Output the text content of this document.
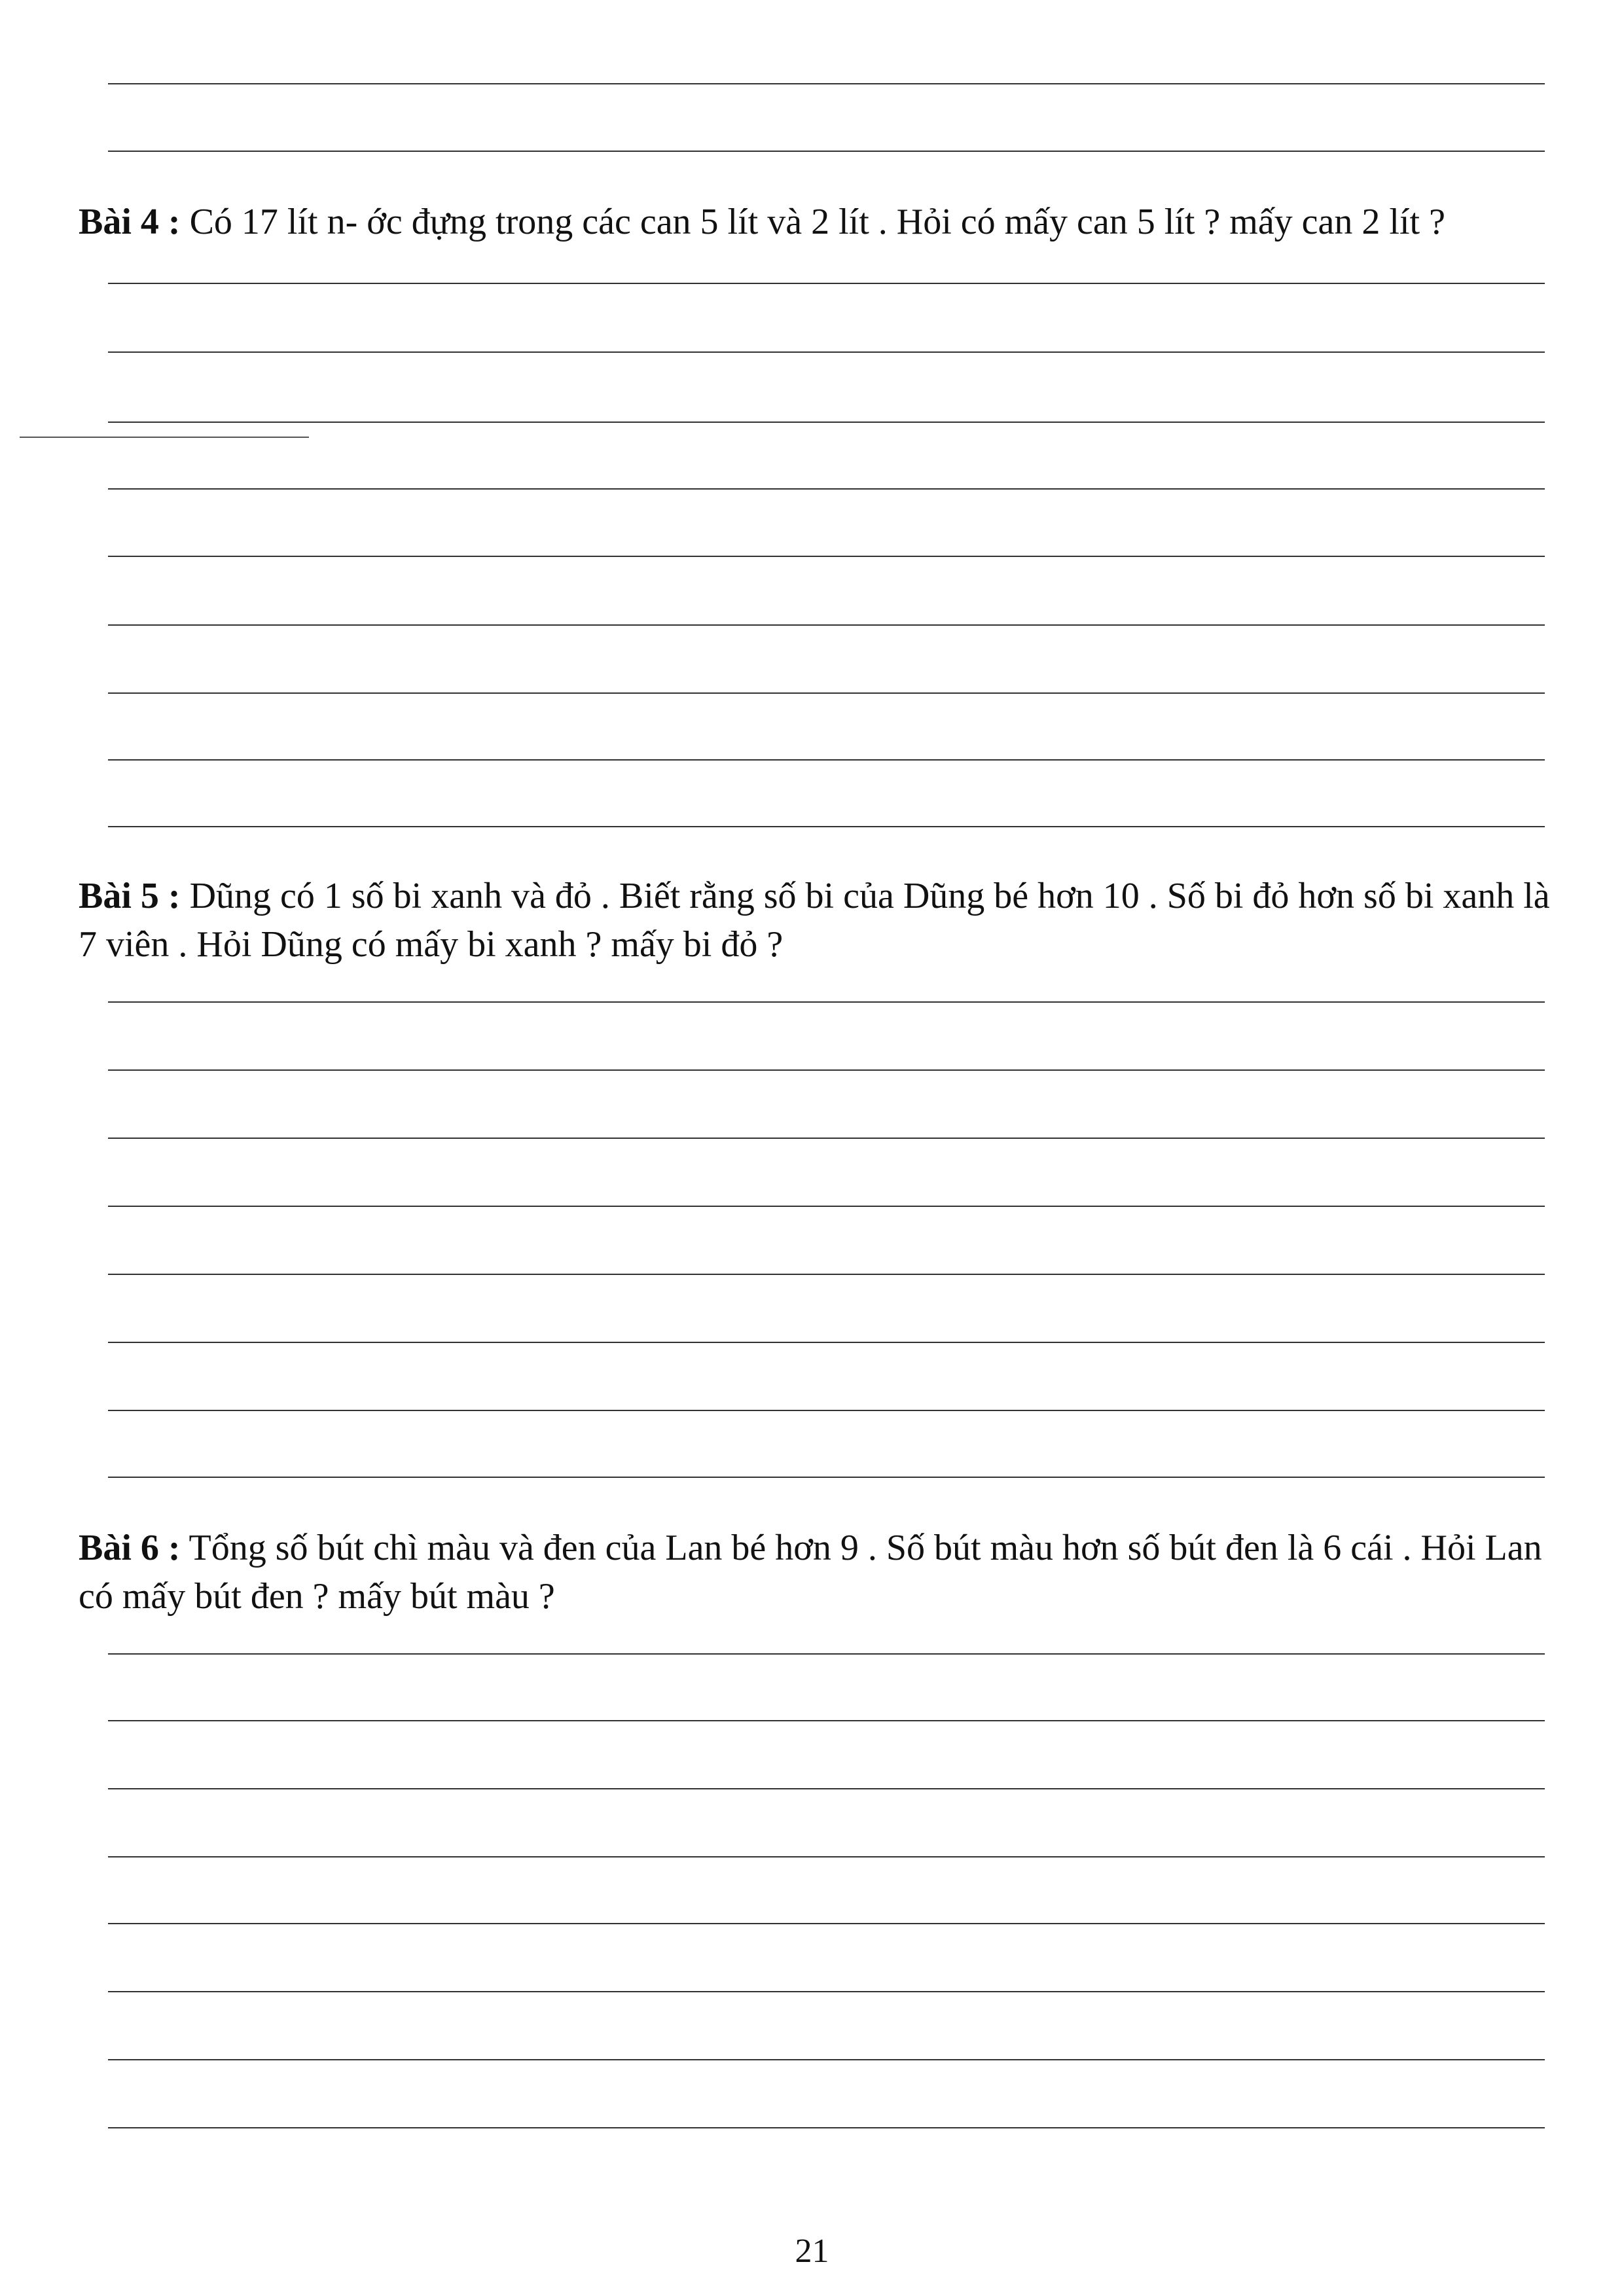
Bài 4 : Có 17 lít n- ớc đựng trong các can 5 lít và 2 lít . Hỏi có mấy can 5 lít ? mấy can 2 lít ?

Bài 5 : Dũng có 1 số bi xanh và đỏ . Biết rằng số bi của Dũng bé hơn 10 . Số bi đỏ hơn số bi xanh là 7 viên . Hỏi Dũng có mấy bi xanh ? mấy bi đỏ ?

Bài 6 : Tổng số bút chì màu và đen của Lan bé hơn 9 . Số bút màu hơn số bút đen là 6 cái . Hỏi Lan có mấy bút đen ? mấy bút màu ?

21
